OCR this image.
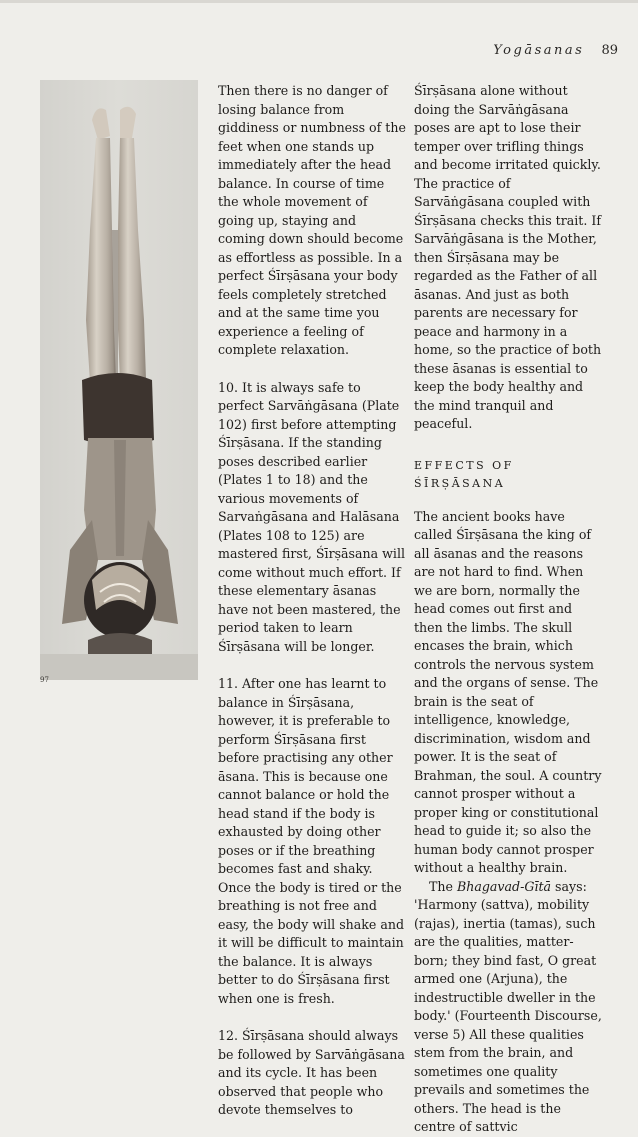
Yogāsanas 89
97

Then there is no danger of losing balance from giddiness or numbness of the feet when one stands up immediately after the head balance. In course of time the whole movement of going up, staying and coming down should become as effortless as possible. In a perfect Śīrṣāsana your body feels completely stretched and at the same time you experience a feeling of complete relaxation.

10. It is always safe to perfect Sarvāṅgāsana (Plate 102) first before attempting Śīrṣāsana. If the standing poses described earlier (Plates 1 to 18) and the various movements of Sarvaṅgāsana and Halāsana (Plates 108 to 125) are mastered first, Śīrṣāsana will come without much effort. If these elementary āsanas have not been mastered, the period taken to learn Śīrṣāsana will be longer.

11. After one has learnt to balance in Śīrṣāsana, however, it is preferable to perform Śīrṣāsana first before practising any other āsana. This is because one cannot balance or hold the head stand if the body is exhausted by doing other poses or if the breathing becomes fast and shaky. Once the body is tired or the breathing is not free and easy, the body will shake and it will be difficult to maintain the balance. It is always better to do Śīrṣāsana first when one is fresh.

12. Śīrṣāsana should always be followed by Sarvāṅgāsana and its cycle. It has been observed that people who devote themselves to

Śīrṣāsana alone without doing the Sarvāṅgāsana poses are apt to lose their temper over trifling things and become irritated quickly. The practice of Sarvāṅgāsana coupled with Śīrṣāsana checks this trait. If Sarvāṅgāsana is the Mother, then Śīrṣāsana may be regarded as the Father of all āsanas. And just as both parents are necessary for peace and harmony in a home, so the practice of both these āsanas is essential to keep the body healthy and the mind tranquil and peaceful.

EFFECTS OF ŚĪRṢĀSANA

The ancient books have called Śīrṣāsana the king of all āsanas and the reasons are not hard to find. When we are born, normally the head comes out first and then the limbs. The skull encases the brain, which controls the nervous system and the organs of sense. The brain is the seat of intelligence, knowledge, discrimination, wisdom and power. It is the seat of Brahman, the soul. A country cannot prosper without a proper king or constitutional head to guide it; so also the human body cannot prosper without a healthy brain.

The Bhagavad-Gītā says: 'Harmony (sattva), mobility (rajas), inertia (tamas), such are the qualities, matter-born; they bind fast, O great armed one (Arjuna), the indestructible dweller in the body.' (Fourteenth Discourse, verse 5) All these qualities stem from the brain, and sometimes one quality prevails and sometimes the others. The head is the centre of sattvic
